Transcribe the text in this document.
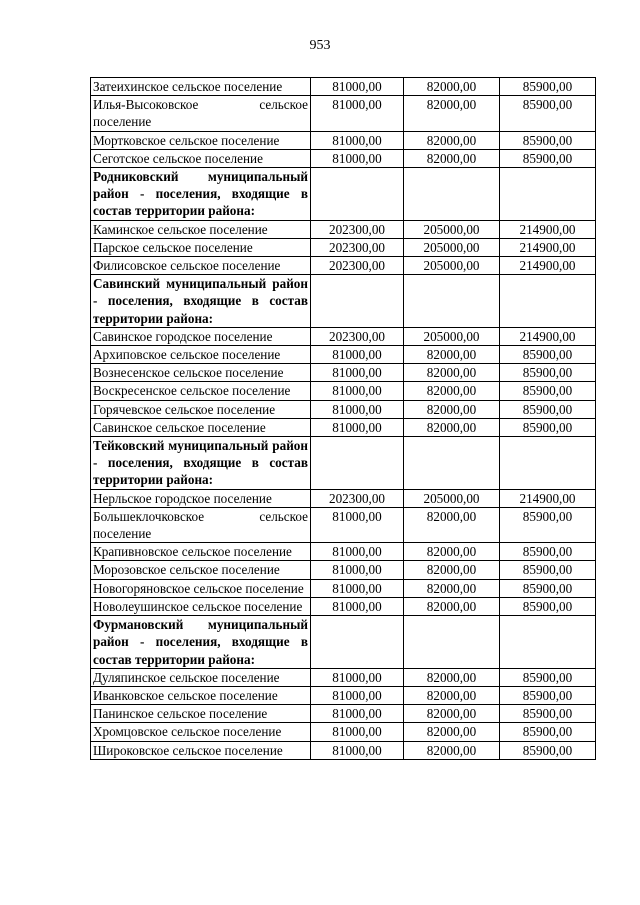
953
Затеихинское сельское поселение	81000,00	82000,00	85900,00
Илья-Высоковское сельское поселение	81000,00	82000,00	85900,00
Мортковское сельское поселение	81000,00	82000,00	85900,00
Сеготское сельское поселение	81000,00	82000,00	85900,00
Родниковский муниципальный район - поселения, входящие в состав территории района:			
Каминское сельское поселение	202300,00	205000,00	214900,00
Парское сельское поселение	202300,00	205000,00	214900,00
Филисовское сельское поселение	202300,00	205000,00	214900,00
Савинский муниципальный район - поселения, входящие в состав территории района:			
Савинское городское поселение	202300,00	205000,00	214900,00
Архиповское сельское поселение	81000,00	82000,00	85900,00
Вознесенское сельское поселение	81000,00	82000,00	85900,00
Воскресенское сельское поселение	81000,00	82000,00	85900,00
Горячевское сельское поселение	81000,00	82000,00	85900,00
Савинское сельское поселение	81000,00	82000,00	85900,00
Тейковский муниципальный район - поселения, входящие в состав территории района:			
Нерльское городское поселение	202300,00	205000,00	214900,00
Большеклочковское сельское поселение	81000,00	82000,00	85900,00
Крапивновское сельское поселение	81000,00	82000,00	85900,00
Морозовское сельское поселение	81000,00	82000,00	85900,00
Новогоряновское сельское поселение	81000,00	82000,00	85900,00
Новолеушинское сельское поселение	81000,00	82000,00	85900,00
Фурмановский муниципальный район - поселения, входящие в состав территории района:			
Дуляпинское сельское поселение	81000,00	82000,00	85900,00
Иванковское сельское поселение	81000,00	82000,00	85900,00
Панинское сельское поселение	81000,00	82000,00	85900,00
Хромцовское сельское поселение	81000,00	82000,00	85900,00
Широковское сельское поселение	81000,00	82000,00	85900,00
